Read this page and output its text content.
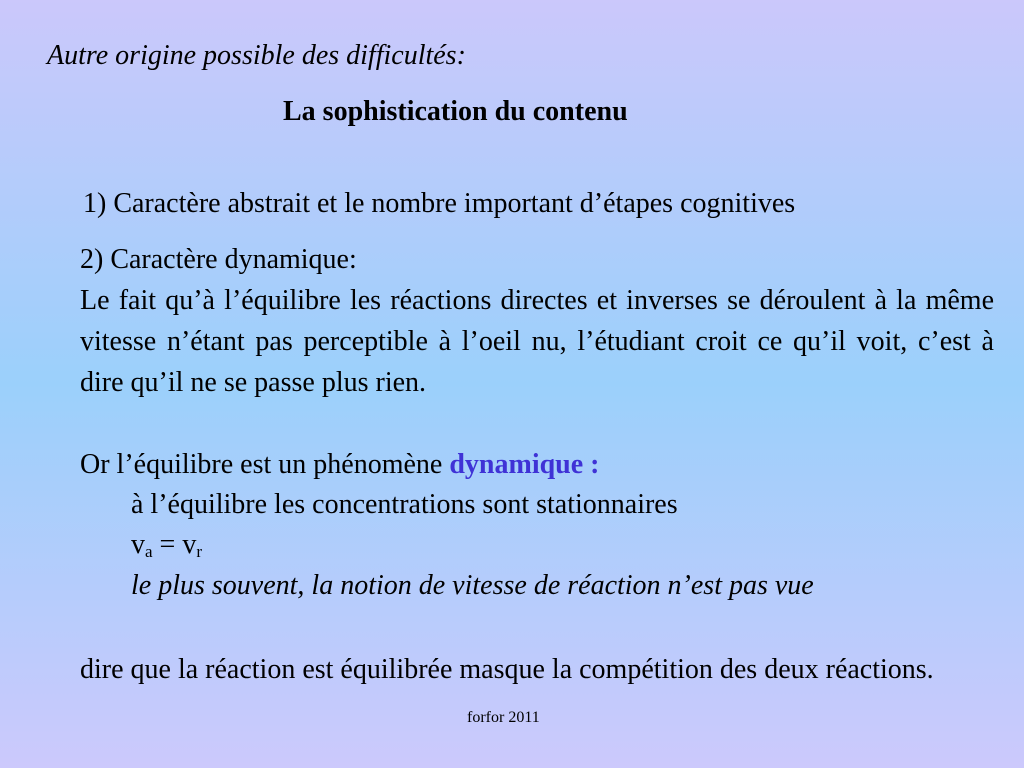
Autre origine possible des difficultés:

La sophistication du contenu

1) Caractère abstrait et le nombre important d’étapes cognitives

2) Caractère dynamique:

Le fait qu’à l’équilibre les réactions directes et inverses se déroulent à la même vitesse n’étant pas perceptible à l’oeil nu, l’étudiant croit ce qu’il voit, c’est à dire qu’il ne se passe plus rien.

Or l’équilibre est un phénomène dynamique :

à l’équilibre les concentrations sont stationnaires

$v_a = v_r$

le plus souvent, la notion de vitesse de réaction n’est pas vue

dire que la réaction est équilibrée masque la compétition des deux réactions.

forfor 2011
